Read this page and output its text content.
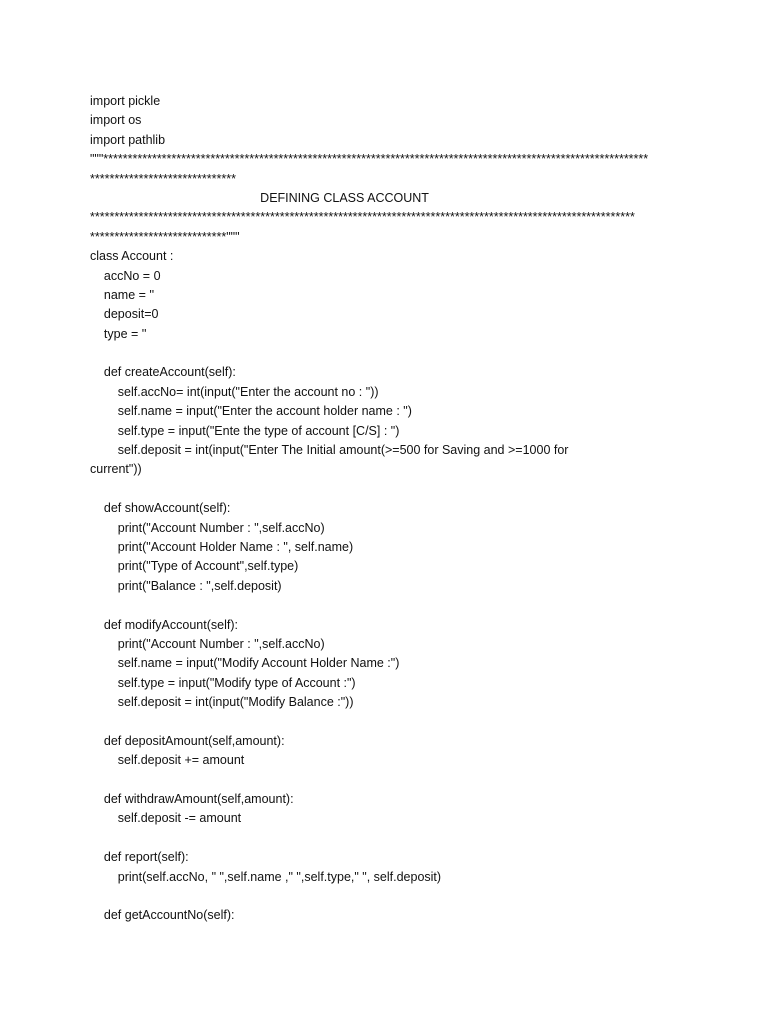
import pickle
import os
import pathlib
"""****************************************************************************************************************
******************************
DEFINING CLASS ACCOUNT
****************************************************************************************************************
****************************"""
class Account :
accNo = 0
name = ''
deposit=0
type = ''
def createAccount(self):
self.accNo= int(input("Enter the account no : "))
self.name = input("Enter the account holder name : ")
self.type = input("Ente the type of account [C/S] : ")
self.deposit = int(input("Enter The Initial amount(>=500 for Saving and >=1000 for
current"))
def showAccount(self):
print("Account Number : ",self.accNo)
print("Account Holder Name : ", self.name)
print("Type of Account",self.type)
print("Balance : ",self.deposit)
def modifyAccount(self):
print("Account Number : ",self.accNo)
self.name = input("Modify Account Holder Name :")
self.type = input("Modify type of Account :")
self.deposit = int(input("Modify Balance :"))
def depositAmount(self,amount):
self.deposit += amount
def withdrawAmount(self,amount):
self.deposit -= amount
def report(self):
print(self.accNo, " ",self.name ," ",self.type," ", self.deposit)
def getAccountNo(self):
